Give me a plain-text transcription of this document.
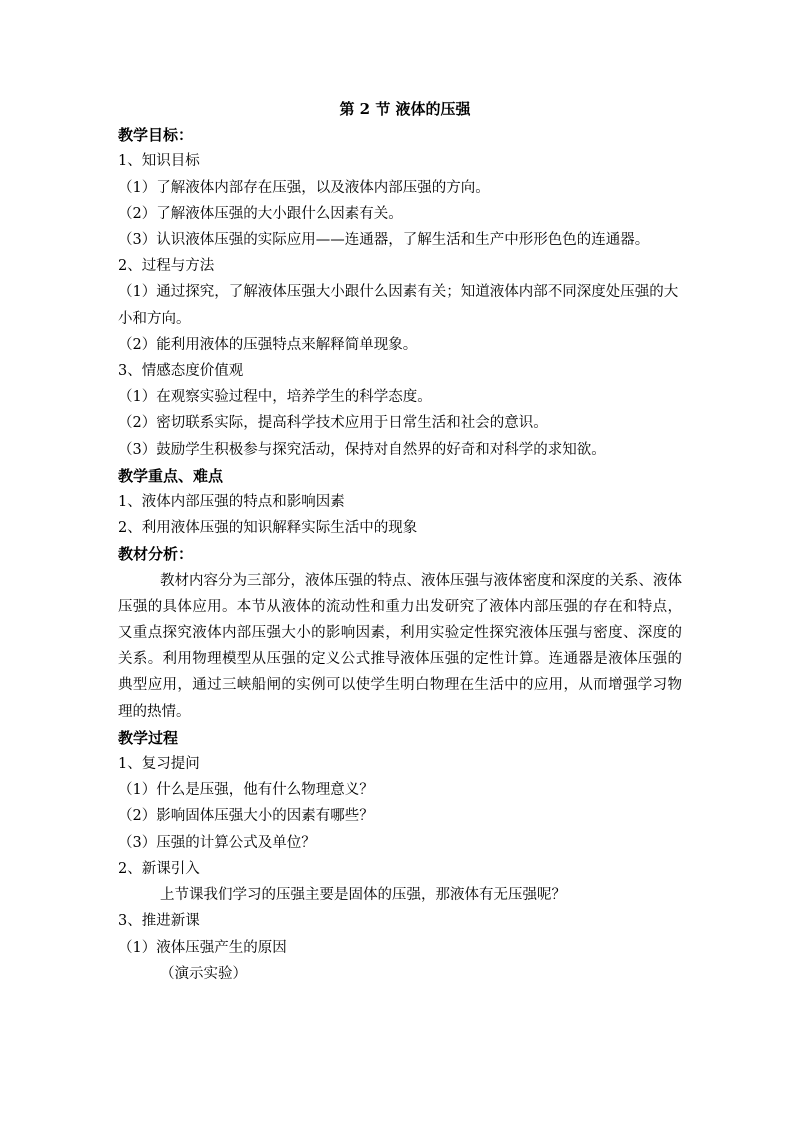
第 2 节 液体的压强
教学目标：
1、知识目标
（1）了解液体内部存在压强，以及液体内部压强的方向。
（2）了解液体压强的大小跟什么因素有关。
（3）认识液体压强的实际应用——连通器，了解生活和生产中形形色色的连通器。
2、过程与方法
（1）通过探究，了解液体压强大小跟什么因素有关；知道液体内部不同深度处压强的大小和方向。
（2）能利用液体的压强特点来解释简单现象。
3、情感态度价值观
（1）在观察实验过程中，培养学生的科学态度。
（2）密切联系实际，提高科学技术应用于日常生活和社会的意识。
（3）鼓励学生积极参与探究活动，保持对自然界的好奇和对科学的求知欲。
教学重点、难点
1、液体内部压强的特点和影响因素
2、利用液体压强的知识解释实际生活中的现象
教材分析：
教材内容分为三部分，液体压强的特点、液体压强与液体密度和深度的关系、液体压强的具体应用。本节从液体的流动性和重力出发研究了液体内部压强的存在和特点，又重点探究液体内部压强大小的影响因素，利用实验定性探究液体压强与密度、深度的关系。利用物理模型从压强的定义公式推导液体压强的定性计算。连通器是液体压强的典型应用，通过三峡船闸的实例可以使学生明白物理在生活中的应用，从而增强学习物理的热情。
教学过程
1、复习提问
（1）什么是压强，他有什么物理意义？
（2）影响固体压强大小的因素有哪些？
（3）压强的计算公式及单位？
2、新课引入
上节课我们学习的压强主要是固体的压强，那液体有无压强呢？
3、推进新课
（1）液体压强产生的原因
（演示实验）
